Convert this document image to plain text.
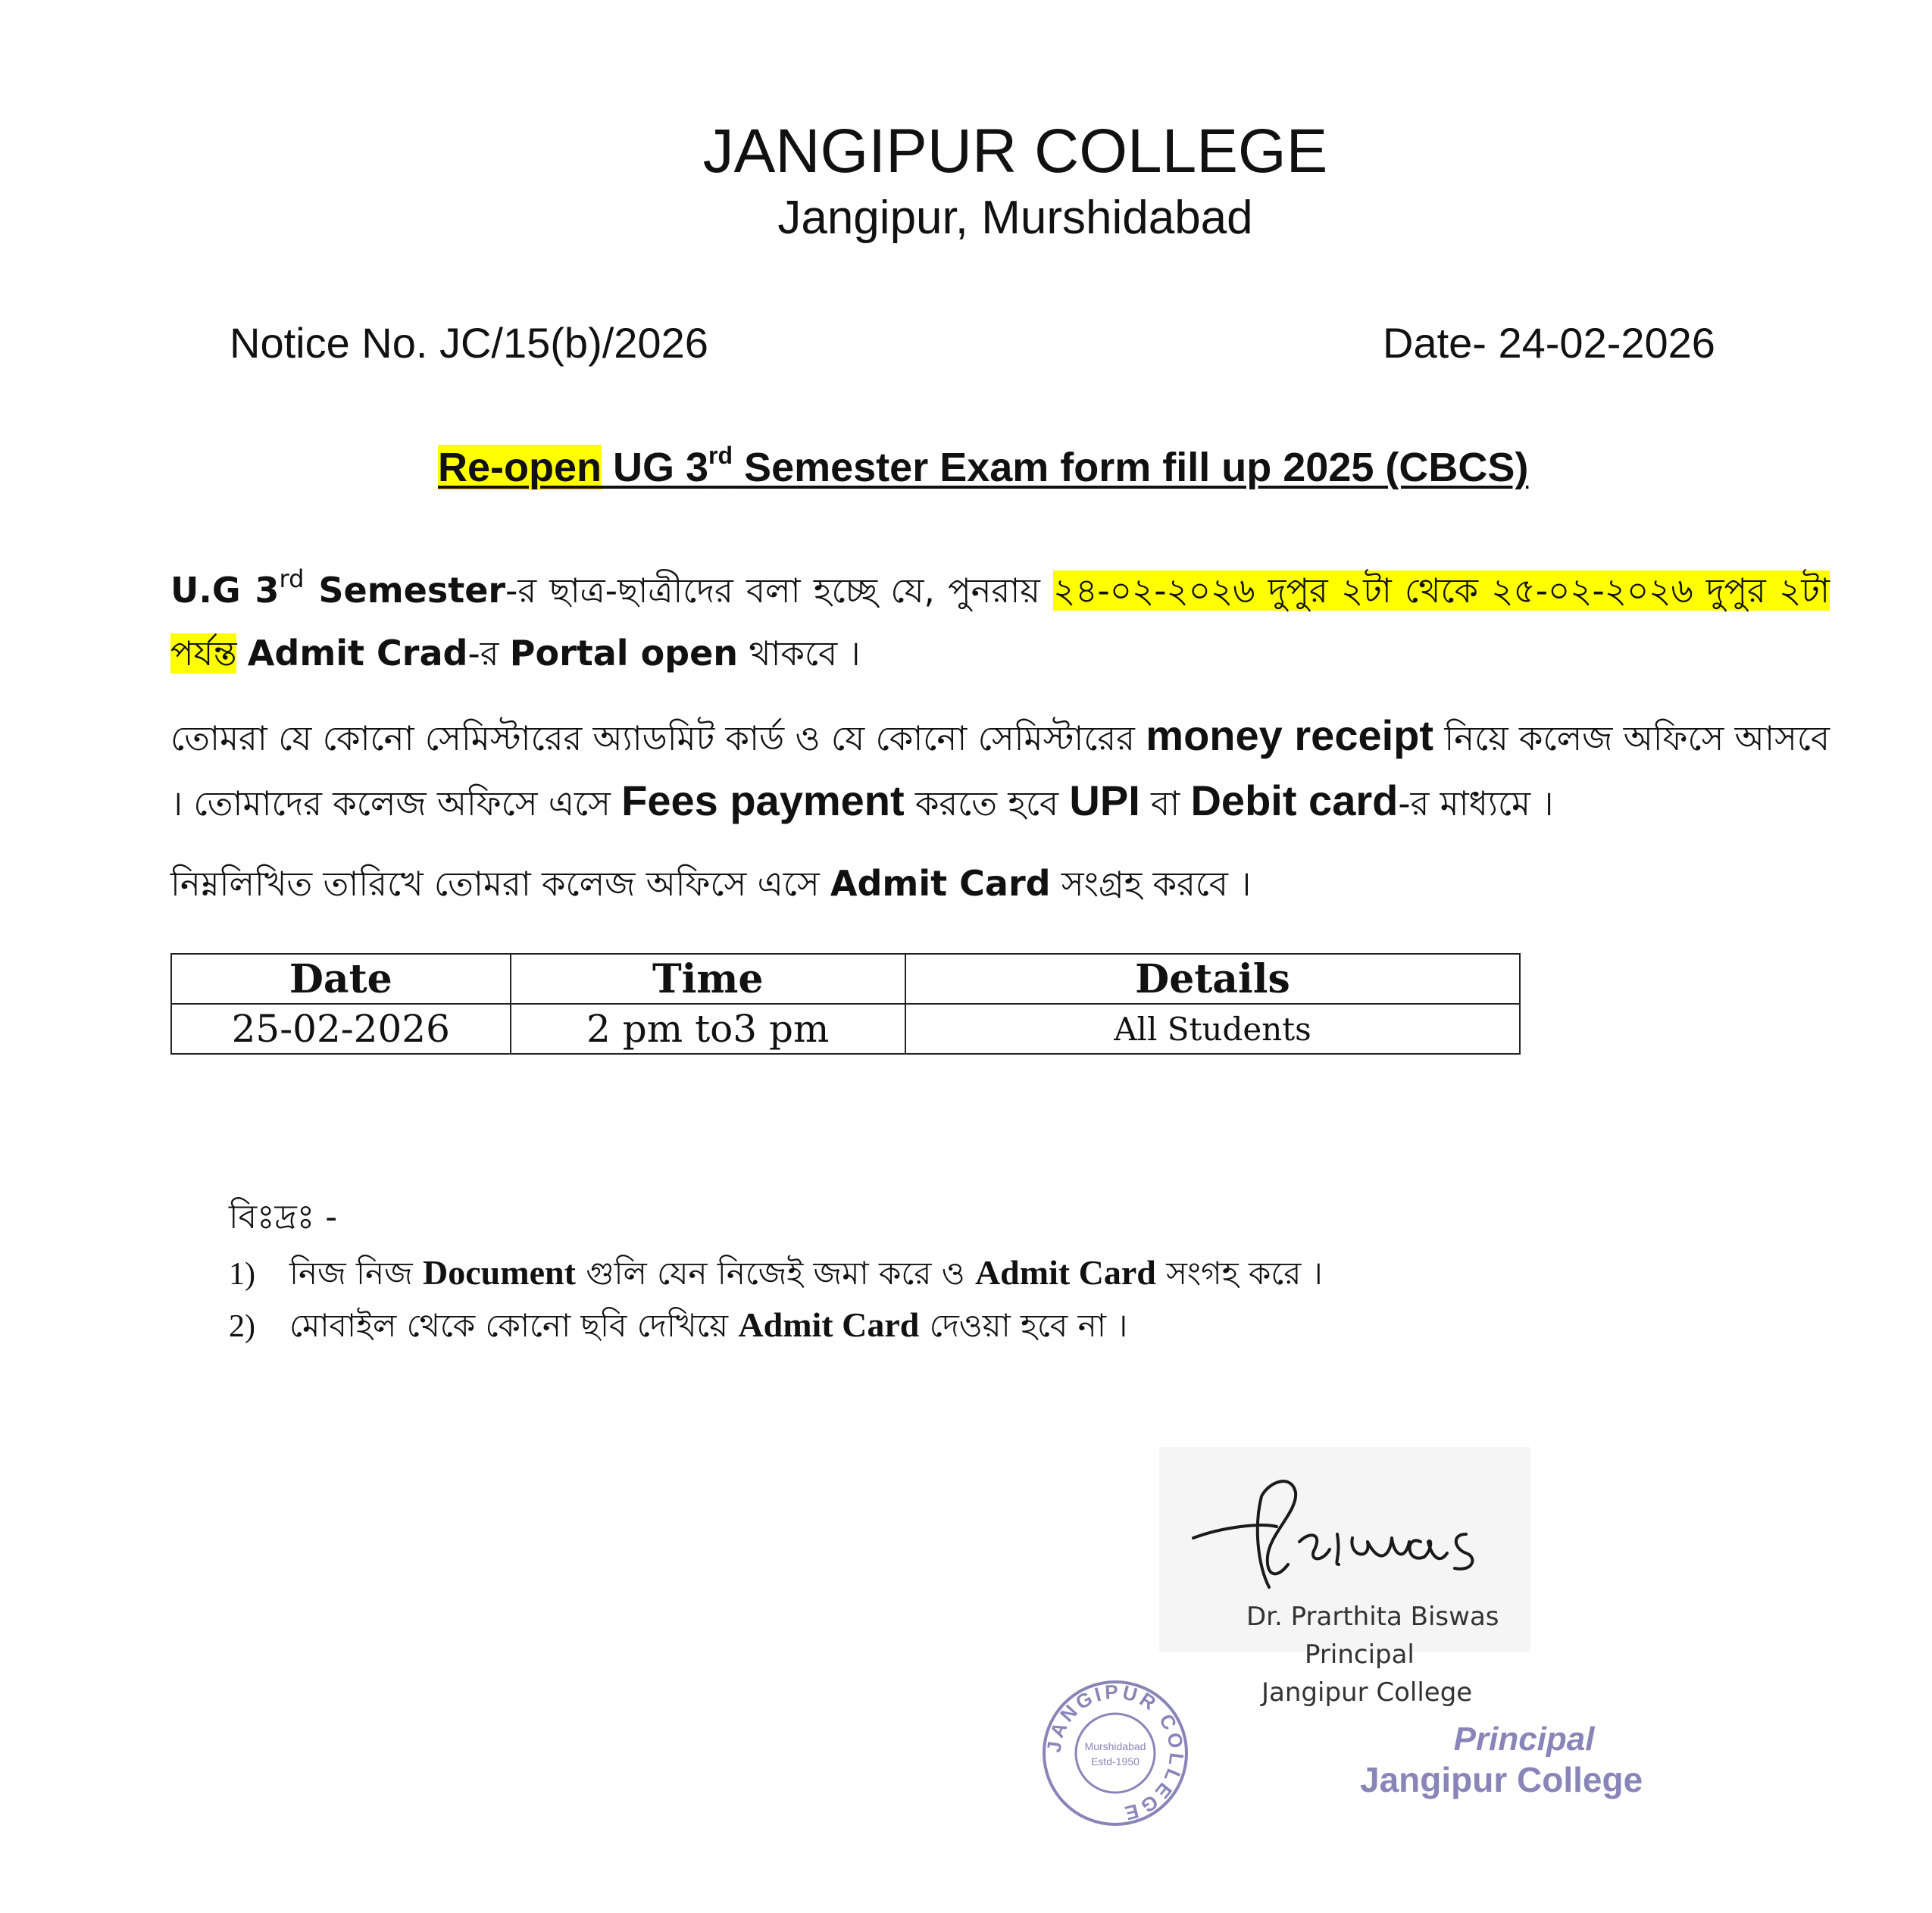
JANGIPUR COLLEGE
Jangipur, Murshidabad
Notice No. JC/15(b)/2026	Date- 24-02-2026
Re-open UG 3rd Semester Exam form fill up 2025 (CBCS)
U.G 3rd Semester-র ছাত্র-ছাত্রীদের বলা হচ্ছে যে, পুনরায় ২৪-০২-২০২৬ দুপুর ২টা থেকে ২৫-০২-২০২৬ দুপুর ২টা পর্যন্ত Admit Crad-র Portal open থাকবে ।
তোমরা যে কোনো সেমিস্টারের অ্যাডমিট কার্ড ও যে কোনো সেমিস্টারের money receipt নিয়ে কলেজ অফিসে আসবে । তোমাদের কলেজ অফিসে এসে Fees payment করতে হবে UPI বা Debit card-র মাধ্যমে ।
নিম্নলিখিত তারিখে তোমরা কলেজ অফিসে এসে Admit Card সংগ্রহ করবে ।
Date	Time	Details
25-02-2026	2 pm to3 pm	All Students
বিঃদ্রঃ -
1) নিজ নিজ Document গুলি যেন নিজেই জমা করে ও Admit Card সংগহ করে ।
2) মোবাইল থেকে কোনো ছবি দেখিয়ে Admit Card দেওয়া হবে না ।
Dr. Prarthita Biswas
Principal
Jangipur College
JANGIPUR COLLEGE
Murshidabad
Estd-1950
Principal
Jangipur College
